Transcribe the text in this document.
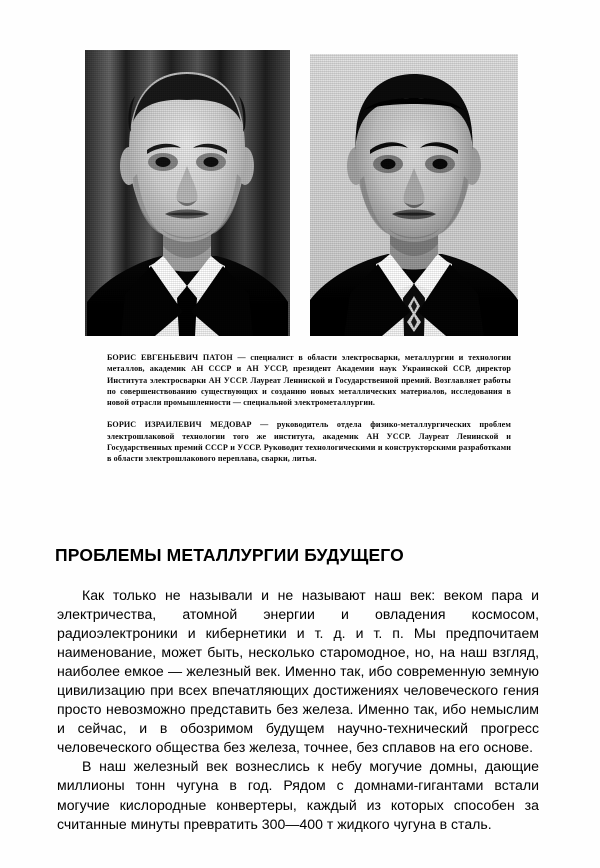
БОРИС ЕВГЕНЬЕВИЧ ПАТОН — специалист в области электросварки, металлургии и технологии металлов, академик АН СССР и АН УССР, президент Академии наук Украинской ССР, директор Института электросварки АН УССР. Лауреат Ленинской и Государственной премий. Возглавляет работы по совершенствованию существующих и созданию новых металлических материалов, исследования в новой отрасли промышленности — специальной электрометаллургии.

БОРИС ИЗРАИЛЕВИЧ МЕДОВАР — руководитель отдела физико-металлургических проблем электрошлаковой технологии того же института, академик АН УССР. Лауреат Ленинской и Государственных премий СССР и УССР. Руководит технологическими и конструкторскими разработками в области электрошлакового переплава, сварки, литья.

ПРОБЛЕМЫ МЕТАЛЛУРГИИ БУДУЩЕГО

Как только не называли и не называют наш век: веком пара и электричества, атомной энергии и овладения космосом, радиоэлектроники и кибернетики и т. д. и т. п. Мы предпочитаем наименование, может быть, несколько старомодное, но, на наш взгляд, наиболее емкое — железный век. Именно так, ибо современную земную цивилизацию при всех впечатляющих достижениях человеческого гения просто невозможно представить без железа. Именно так, ибо немыслим и сейчас, и в обозримом будущем научно-технический прогресс человеческого общества без железа, точнее, без сплавов на его основе.

В наш железный век вознеслись к небу могучие домны, дающие миллионы тонн чугуна в год. Рядом с домнами-гигантами встали могучие кислородные конвертеры, каждый из которых способен за считанные минуты превратить 300—400 т жидкого чугуна в сталь.
